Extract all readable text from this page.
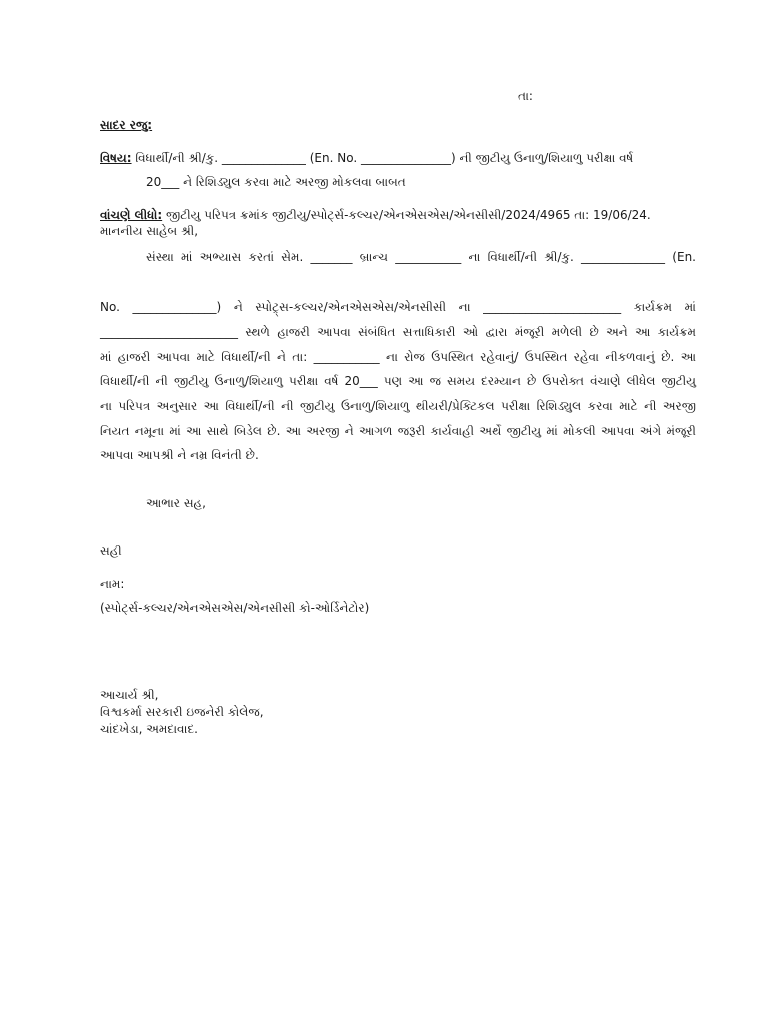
તા:
સાદર રજુ:
વિષય: વિધાર્થી/ની શ્રી/કુ. ______________ (En. No. _______________) ની જીટીયુ ઉનાળુ/શિયાળુ પરીક્ષા વર્ષ
20___ ને રિશિડ્યુલ કરવા માટે અરજી મોકલવા બાબત
વાંચણે લીધો: જીટીયુ પરિપત્ર ક્રમાંક જીટીયુ/સ્પોર્ટ્સ-કલ્ચર/એનએસએસ/એનસીસી/2024/4965 તા: 19/06/24.
માનનીય સાહેબ શ્રી,
સંસ્થા માં અભ્યાસ કરતાં સેમ. _______ બ્રાન્ચ ___________ ના વિધાર્થી/ની શ્રી/કુ. ______________ (En.
No. ______________) ને સ્પોટ્ર્સ-કલ્ચર/એનએસએસ/એનસીસી ના _______________________ કાર્યક્રમ માં
_______________________ સ્થળે હાજરી આપવા સંબંધિત સત્તાધિકારી ઓ દ્વારા મંજૂરી મળેલી છે અને આ કાર્યક્રમ
માં હાજરી આપવા માટે વિધાર્થી/ની ને તા: ___________ ના રોજ ઉપસ્થિત રહેવાનું/ ઉપસ્થિત રહેવા નીકળવાનું છે. આ
વિધાર્થી/ની ની જીટીયુ ઉનાળુ/શિયાળુ પરીક્ષા વર્ષ 20___ પણ આ જ સમય દરમ્યાન છે ઉપરોક્ત વંચાણે લીધેલ જીટીયુ
ના પરિપત્ર અનુસાર આ વિધાર્થી/ની ની જીટીયુ ઉનાળુ/શિયાળુ થીયરી/પ્રેક્ટિકલ પરીક્ષા રિશિડ્યુલ કરવા માટે ની અરજી
નિયત નમૂના માં આ સાથે બિડેલ છે. આ અરજી ને આગળ જરૂરી કાર્યવાહી અર્થે જીટીયુ માં મોકલી આપવા અંગે મંજૂરી
આપવા આપશ્રી ને નમ્ર વિનંતી છે.
આભાર સહ,
સહી
નામ:
(સ્પોર્ટ્સ-કલ્ચર/એનએસએસ/એનસીસી કો-ઓર્ડિનેટોર)
આચાર્ય શ્રી,
વિશ્વકર્મા સરકારી ઇજનેરી કોલેજ,
ચાંદખેડા, અમદાવાદ.
